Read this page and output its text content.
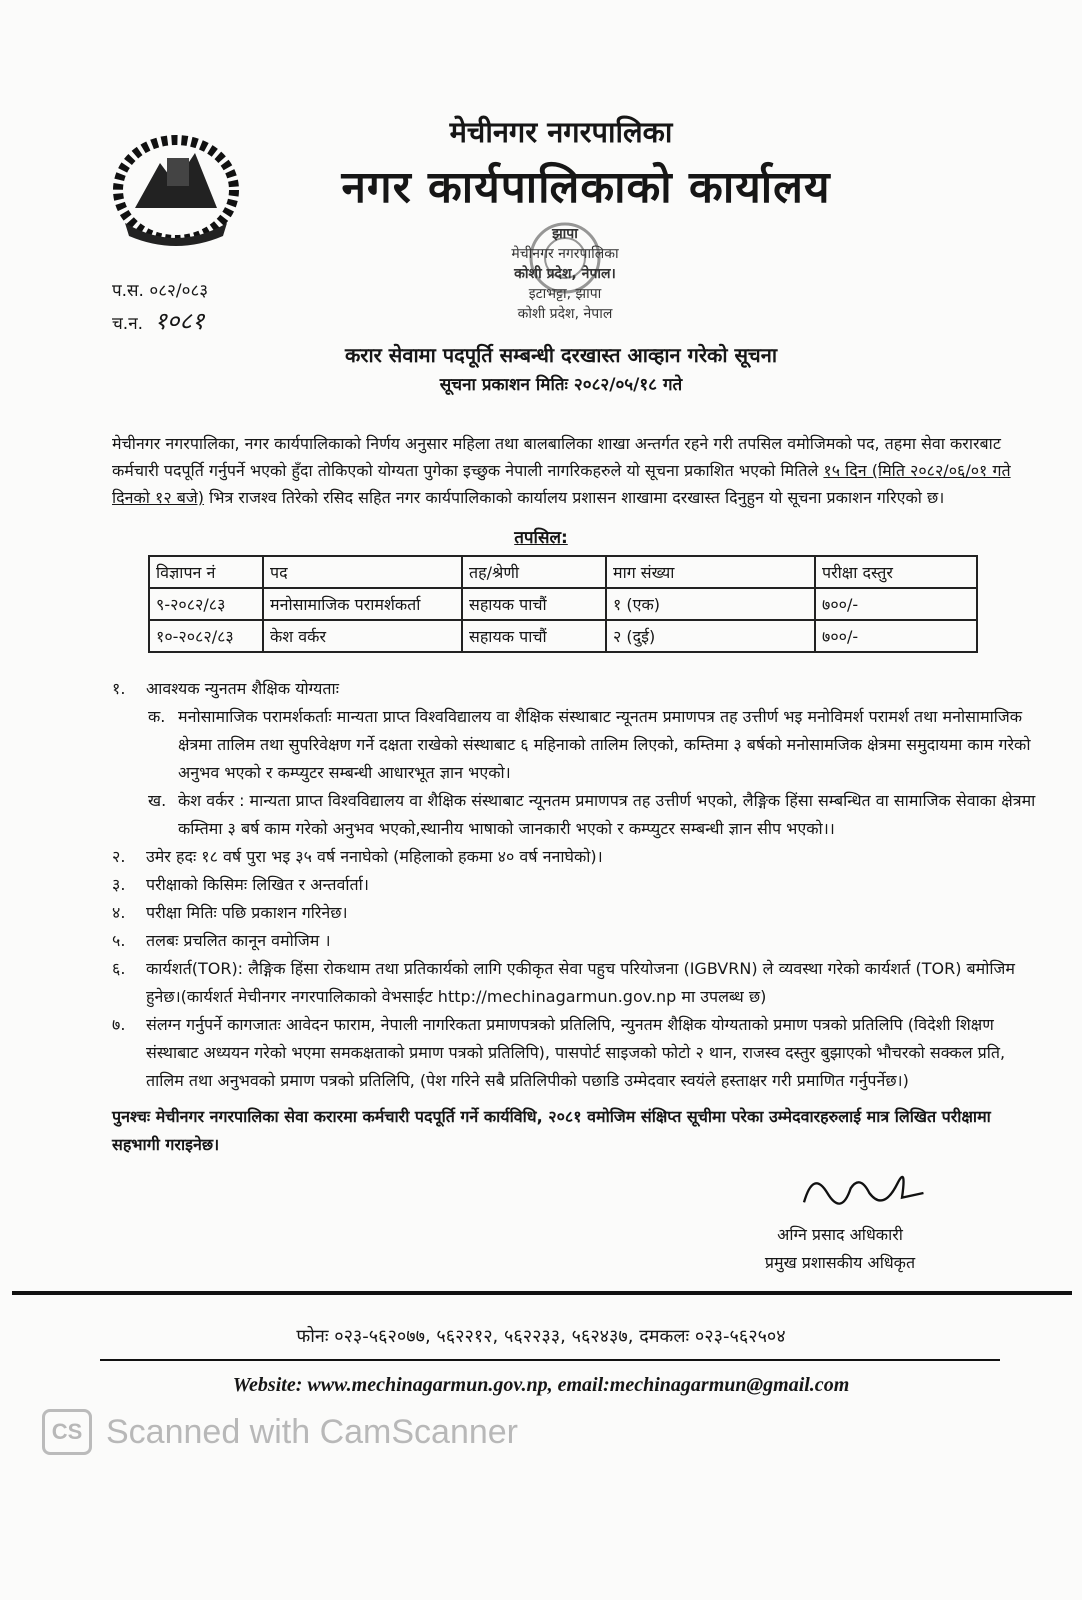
मेचीनगर नगरपालिका
नगर कार्यपालिकाको कार्यालय
झापा
मेचीनगर नगरपालिका
कोशी प्रदेश, नेपाल।
इटाभट्टा, झापा
कोशी प्रदेश, नेपाल
प.स. ०८२/०८३
च.न. १०८१
करार सेवामा पदपूर्ति सम्बन्धी दरखास्त आव्हान गरेको सूचना
सूचना प्रकाशन मितिः २०८२/०५/१८ गते
मेचीनगर नगरपालिका, नगर कार्यपालिकाको निर्णय अनुसार महिला तथा बालबालिका शाखा अन्तर्गत रहने गरी तपसिल वमोजिमको पद, तहमा सेवा करारबाट कर्मचारी पदपूर्ति गर्नुपर्ने भएको हुँदा तोकिएको योग्यता पुगेका इच्छुक नेपाली नागरिकहरुले यो सूचना प्रकाशित भएको मितिले १५ दिन (मिति २०८२/०६/०१ गते दिनको १२ बजे) भित्र राजश्व तिरेको रसिद सहित नगर कार्यपालिकाको कार्यालय प्रशासन शाखामा दरखास्त दिनुहुन यो सूचना प्रकाशन गरिएको छ।
तपसिल:
विज्ञापन नं	पद	तह/श्रेणी	माग संख्या	परीक्षा दस्तुर
९-२०८२/८३	मनोसामाजिक परामर्शकर्ता	सहायक पाचौं	१ (एक)	७००/-
१०-२०८२/८३	केश वर्कर	सहायक पाचौं	२ (दुई)	७००/-
१.	आवश्यक न्युनतम शैक्षिक योग्यताः
क. मनोसामाजिक परामर्शकर्ताः मान्यता प्राप्त विश्वविद्यालय वा शैक्षिक संस्थाबाट न्यूनतम प्रमाणपत्र तह उत्तीर्ण भइ मनोविमर्श परामर्श तथा मनोसामाजिक क्षेत्रमा तालिम तथा सुपरिवेक्षण गर्ने दक्षता राखेको संस्थाबाट ६ महिनाको तालिम लिएको, कम्तिमा ३ बर्षको मनोसामजिक क्षेत्रमा समुदायमा काम गरेको अनुभव भएको र कम्प्युटर सम्बन्धी आधारभूत ज्ञान भएको।
ख. केश वर्कर : मान्यता प्राप्त विश्वविद्यालय वा शैक्षिक संस्थाबाट न्यूनतम प्रमाणपत्र तह उत्तीर्ण भएको, लैङ्गिक हिंसा सम्बन्धित वा सामाजिक सेवाका क्षेत्रमा कम्तिमा ३ बर्ष काम गरेको अनुभव भएको,स्थानीय भाषाको जानकारी भएको र कम्प्युटर सम्बन्धी ज्ञान सीप भएको।।
२.	उमेर हदः १८ वर्ष पुरा भइ ३५ वर्ष ननाघेको (महिलाको हकमा ४० वर्ष ननाघेको)।
३.	परीक्षाको किसिमः लिखित र अन्तर्वार्ता।
४.	परीक्षा मितिः पछि प्रकाशन गरिनेछ।
५.	तलबः प्रचलित कानून वमोजिम ।
६.	कार्यशर्त(TOR): लैङ्गिक हिंसा रोकथाम तथा प्रतिकार्यको लागि एकीकृत सेवा पहुच परियोजना (IGBVRN) ले व्यवस्था गरेको कार्यशर्त (TOR) बमोजिम हुनेछ।(कार्यशर्त मेचीनगर नगरपालिकाको वेभसाईट http://mechinagarmun.gov.np मा उपलब्ध छ)
७.	संलग्न गर्नुपर्ने कागजातः आवेदन फाराम, नेपाली नागरिकता प्रमाणपत्रको प्रतिलिपि, न्युनतम शैक्षिक योग्यताको प्रमाण पत्रको प्रतिलिपि (विदेशी शिक्षण संस्थाबाट अध्ययन गरेको भएमा समकक्षताको प्रमाण पत्रको प्रतिलिपि), पासपोर्ट साइजको फोटो २ थान, राजस्व दस्तुर बुझाएको भौचरको सक्कल प्रति, तालिम तथा अनुभवको प्रमाण पत्रको प्रतिलिपि, (पेश गरिने सबै प्रतिलिपीको पछाडि उम्मेदवार स्वयंले हस्ताक्षर गरी प्रमाणित गर्नुपर्नेछ।)
पुनश्चः मेचीनगर नगरपालिका सेवा करारमा कर्मचारी पदपूर्ति गर्ने कार्यविधि, २०८१ वमोजिम संक्षिप्त सूचीमा परेका उम्मेदवारहरुलाई मात्र लिखित परीक्षामा सहभागी गराइनेछ।
अग्नि प्रसाद अधिकारी
प्रमुख प्रशासकीय अधिकृत
फोनः ०२३-५६२०७७, ५६२२१२, ५६२२३३, ५६२४३७, दमकलः ०२३-५६२५०४
Website: www.mechinagarmun.gov.np, email:mechinagarmun@gmail.com
CS Scanned with CamScanner
